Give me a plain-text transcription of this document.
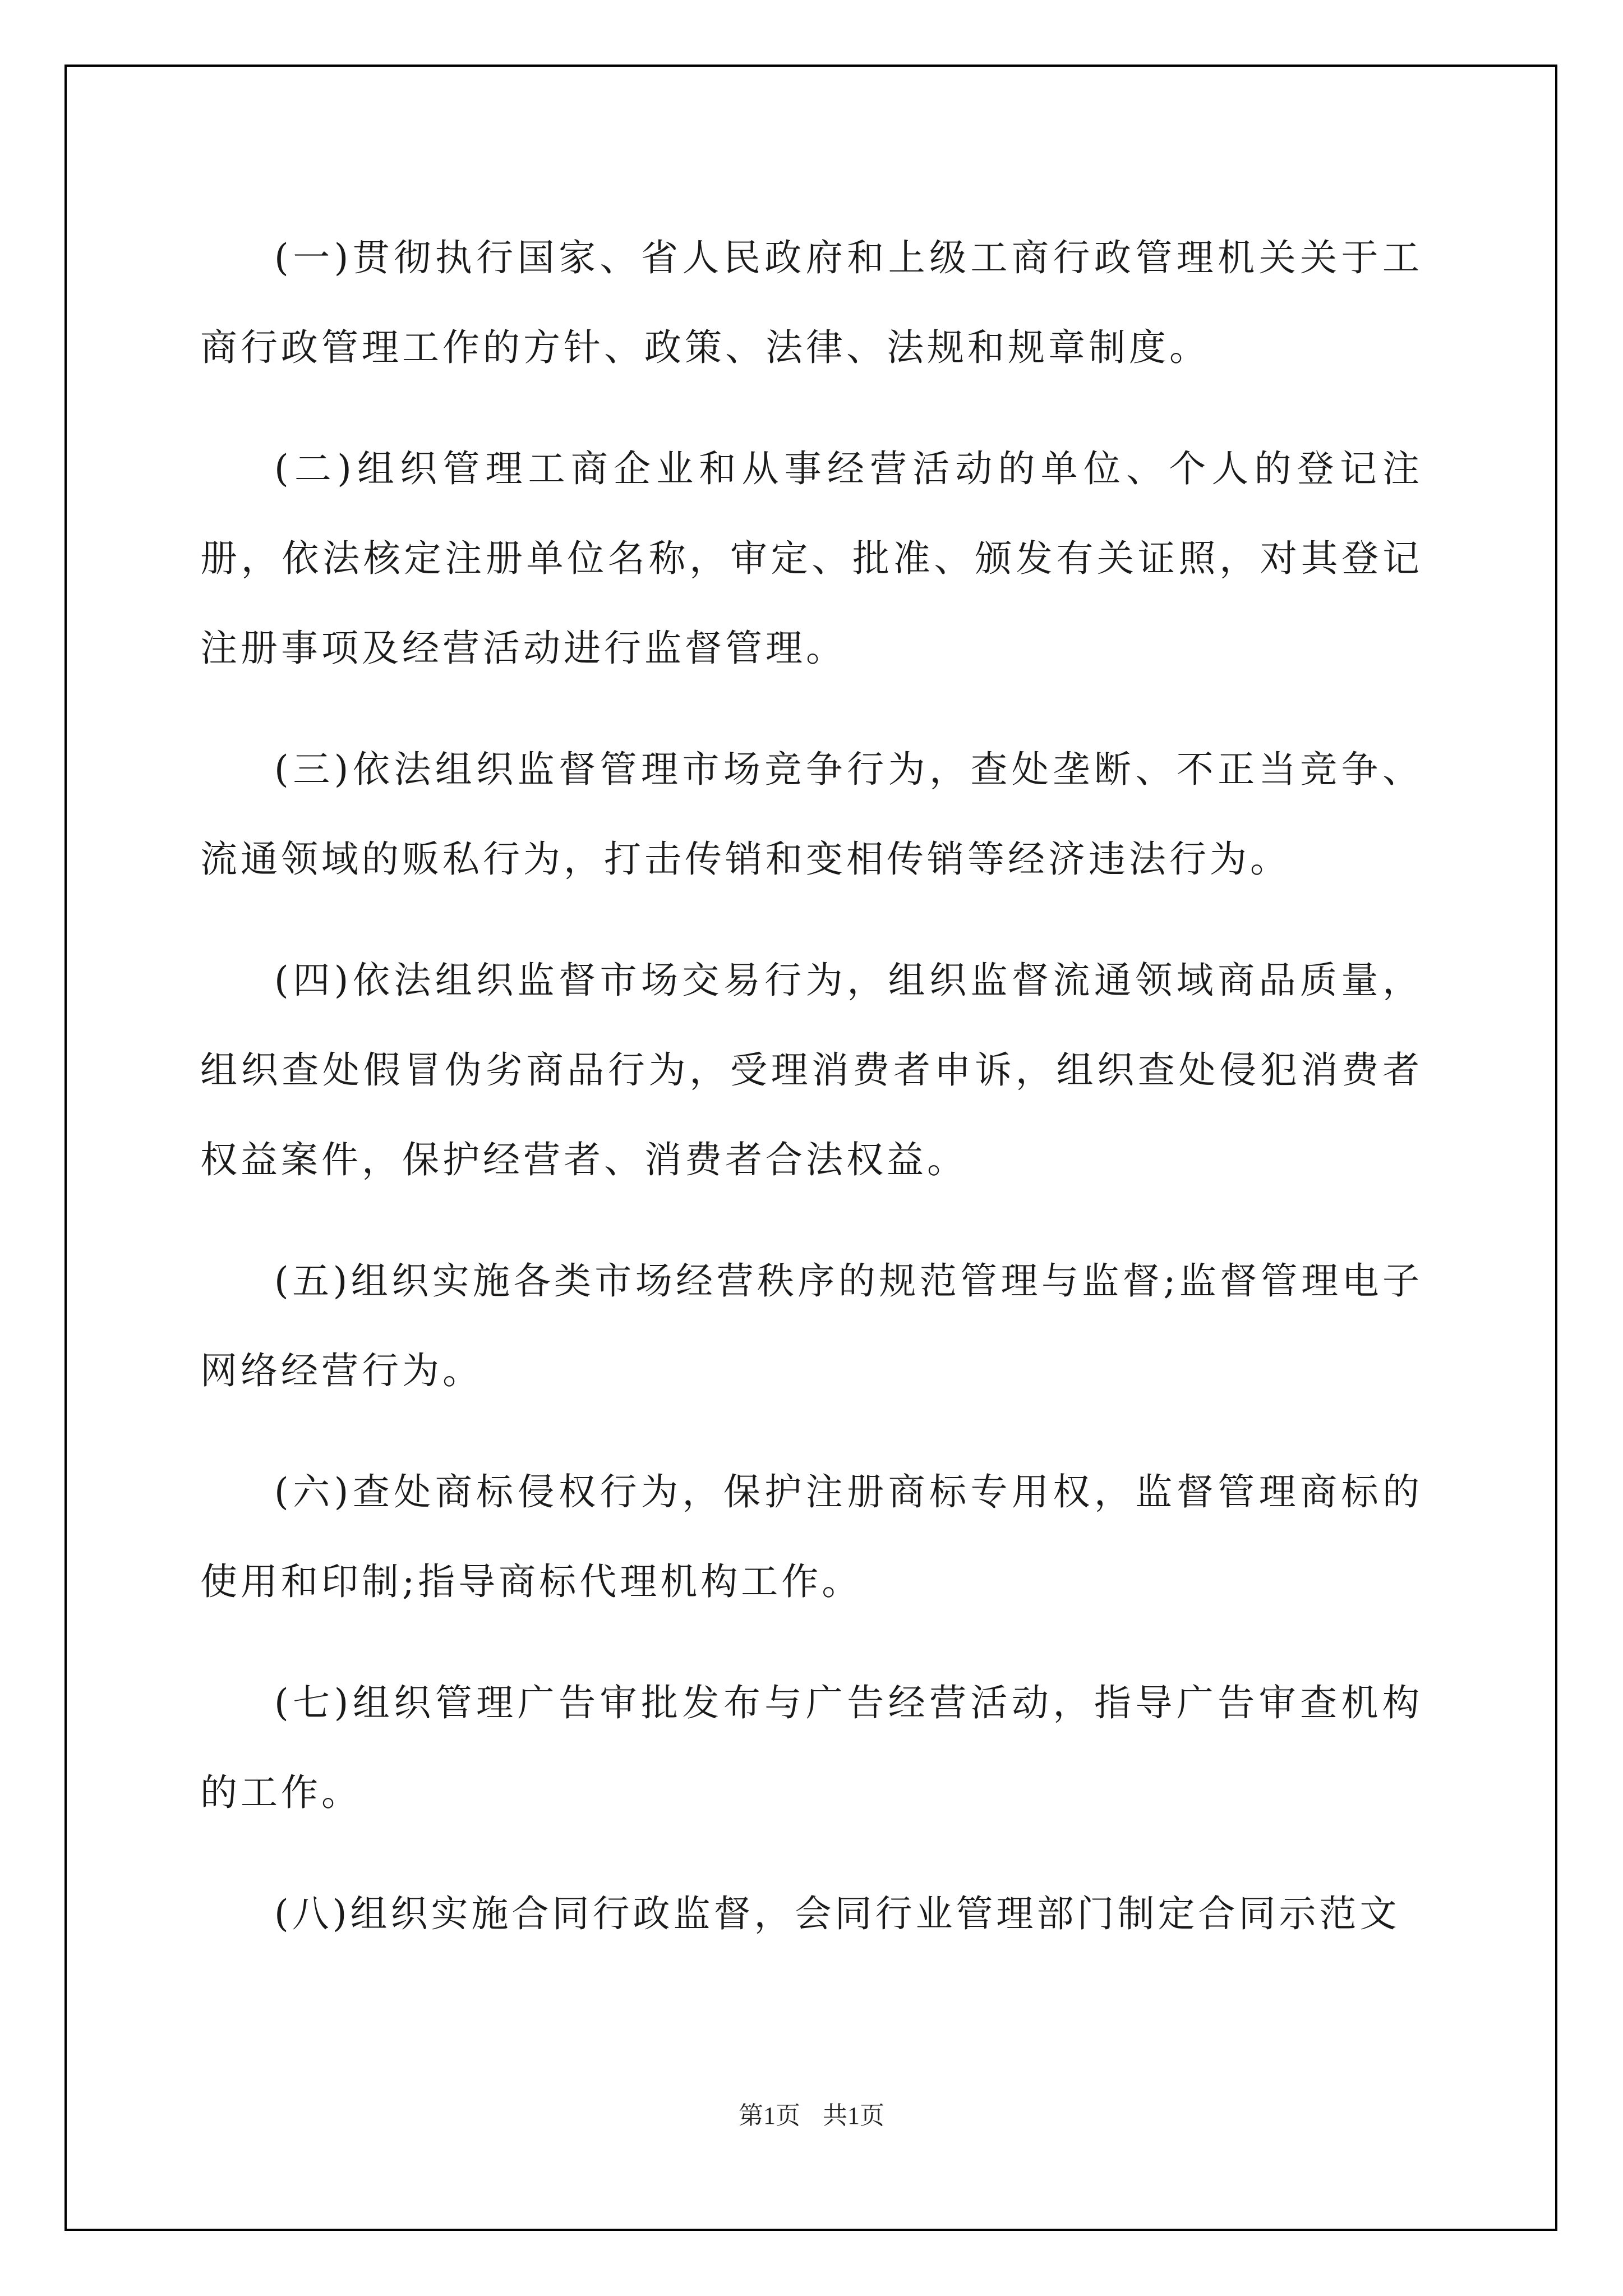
(一)贯彻执行国家、省人民政府和上级工商行政管理机关关于工商行政管理工作的方针、政策、法律、法规和规章制度。

(二)组织管理工商企业和从事经营活动的单位、个人的登记注册，依法核定注册单位名称，审定、批准、颁发有关证照，对其登记注册事项及经营活动进行监督管理。

(三)依法组织监督管理市场竞争行为，查处垄断、不正当竞争、流通领域的贩私行为，打击传销和变相传销等经济违法行为。

(四)依法组织监督市场交易行为，组织监督流通领域商品质量，组织查处假冒伪劣商品行为，受理消费者申诉，组织查处侵犯消费者权益案件，保护经营者、消费者合法权益。

(五)组织实施各类市场经营秩序的规范管理与监督;监督管理电子网络经营行为。

(六)查处商标侵权行为，保护注册商标专用权，监督管理商标的使用和印制;指导商标代理机构工作。

(七)组织管理广告审批发布与广告经营活动，指导广告审查机构的工作。

(八)组织实施合同行政监督，会同行业管理部门制定合同示范文

第1页 共1页
